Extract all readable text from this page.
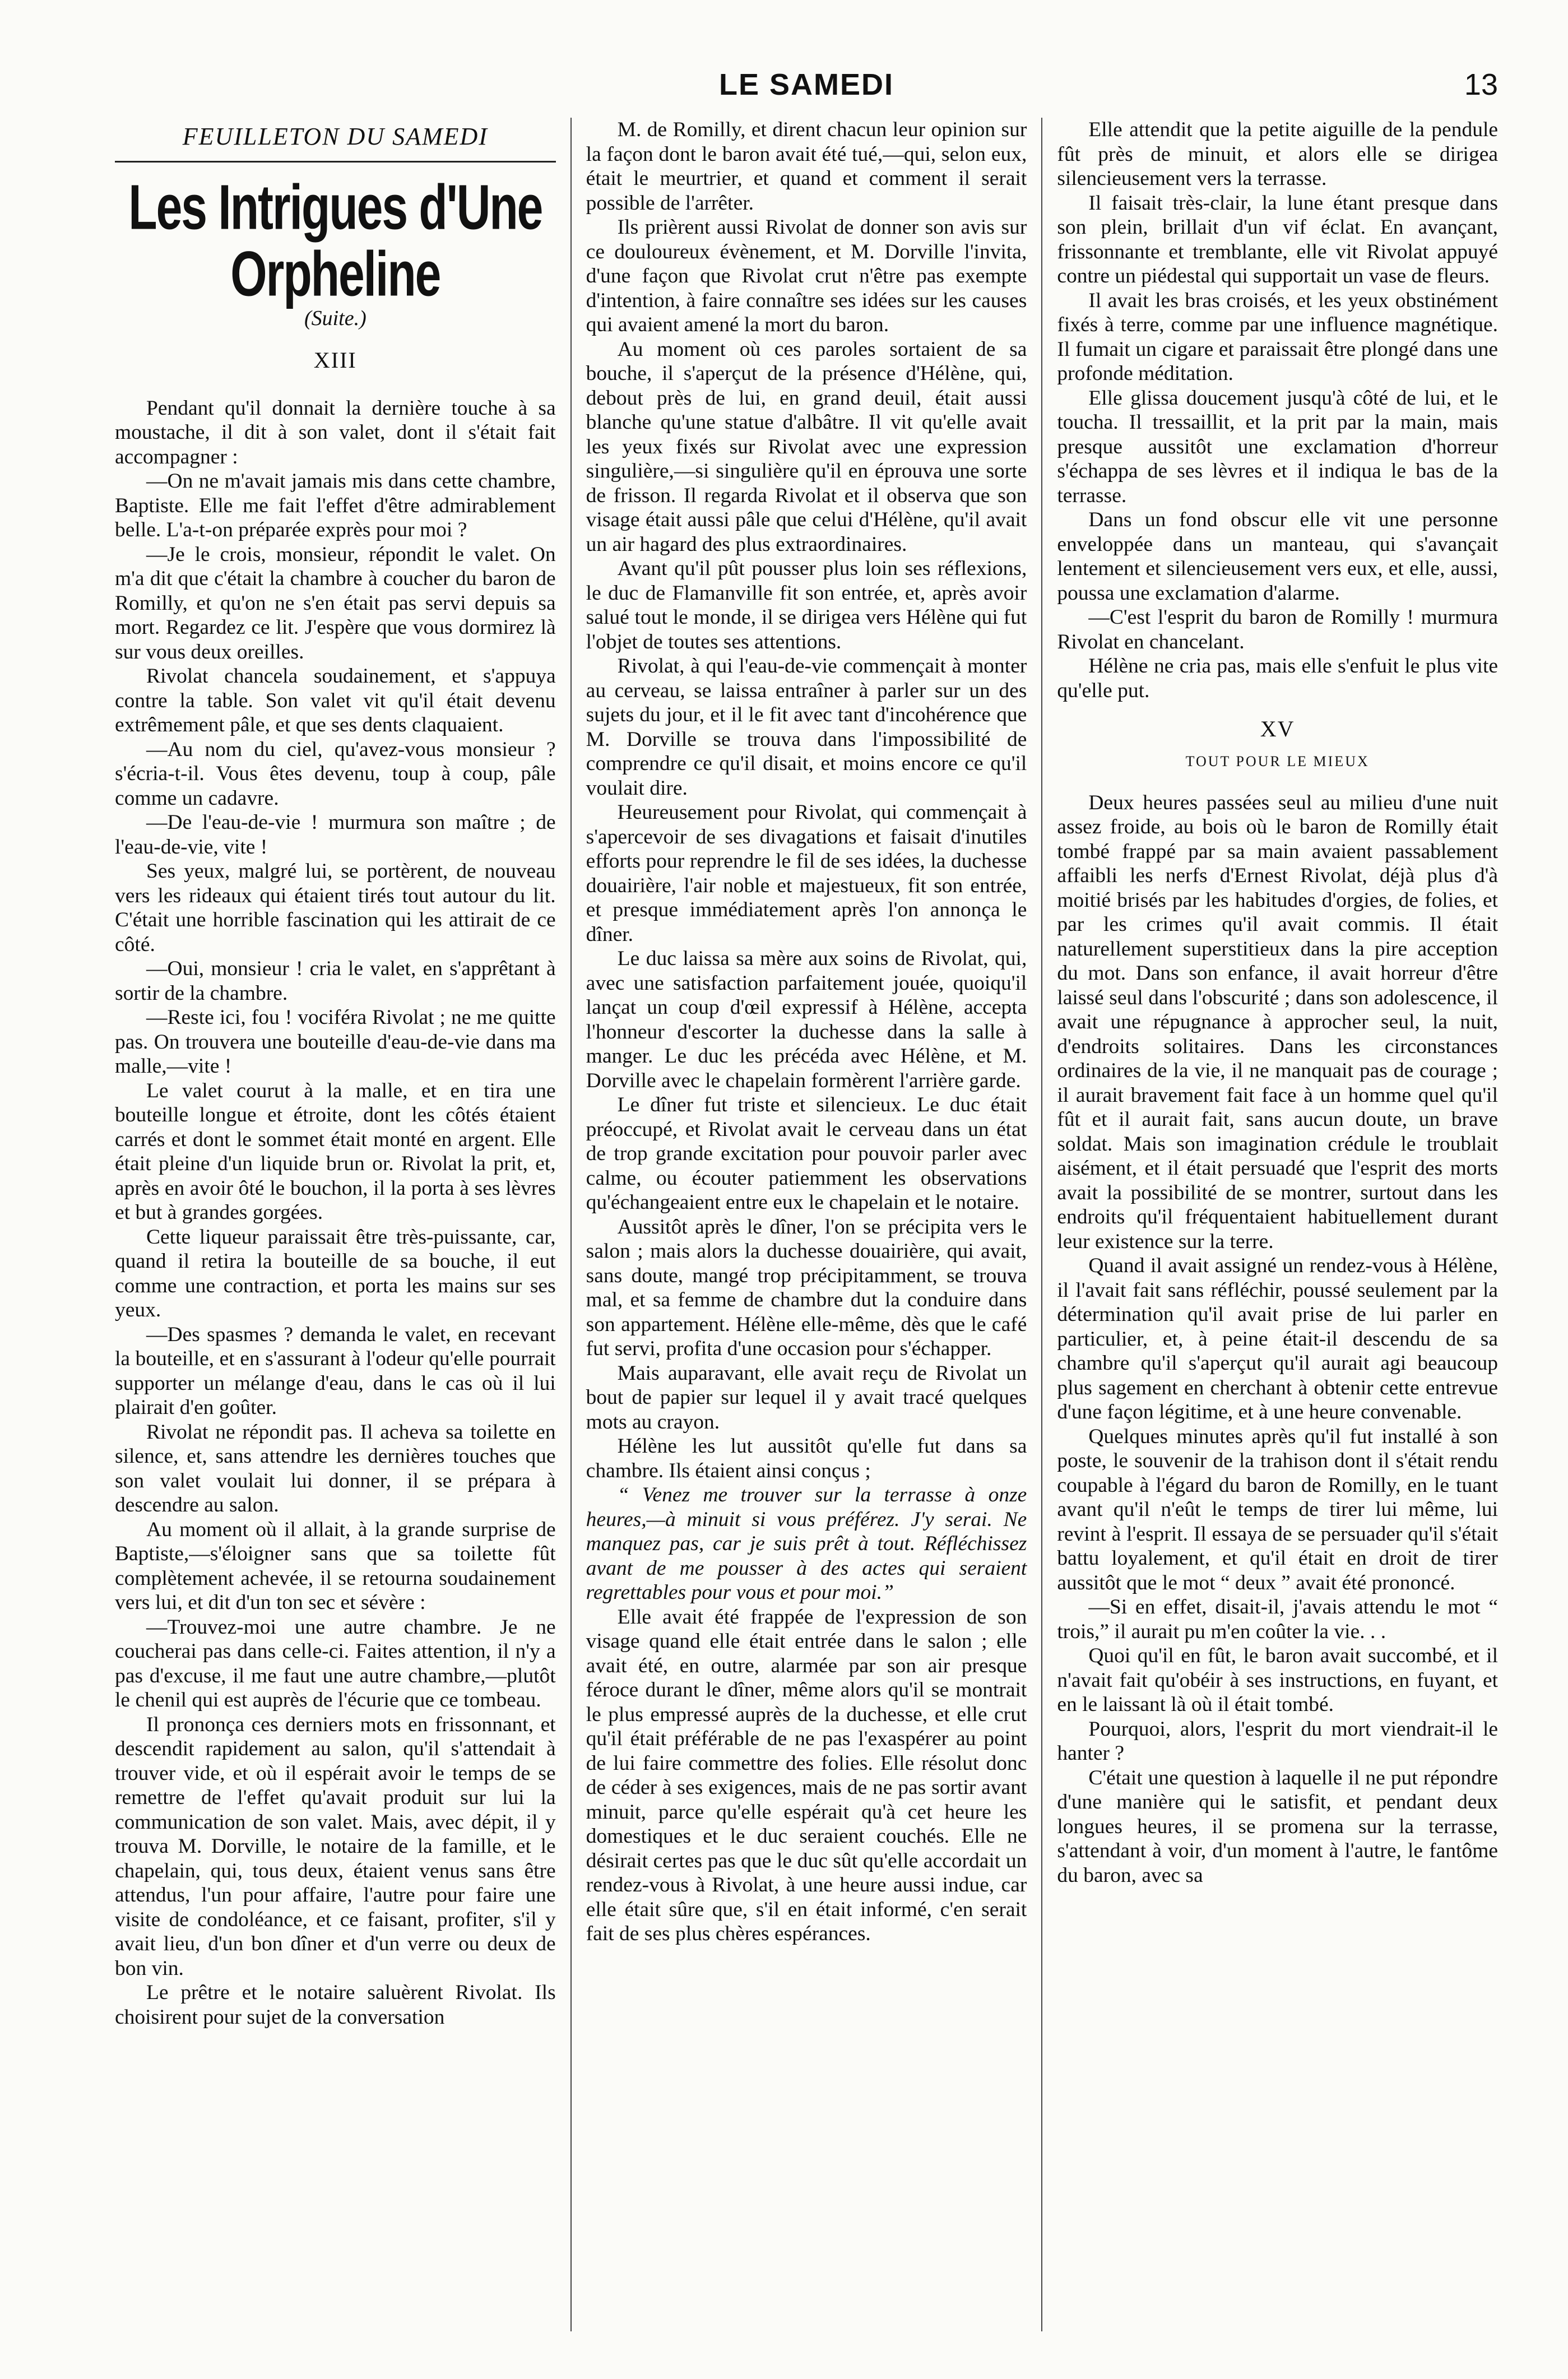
LE SAMEDI	13
FEUILLETON DU SAMEDI
Les Intrigues d'Une Orpheline
(Suite.)
XIII

Pendant qu'il donnait la dernière touche à sa moustache, il dit à son valet, dont il s'était fait accompagner :

—On ne m'avait jamais mis dans cette chambre, Baptiste. Elle me fait l'effet d'être admirablement belle. L'a-t-on préparée exprès pour moi ?

—Je le crois, monsieur, répondit le valet. On m'a dit que c'était la chambre à coucher du baron de Romilly, et qu'on ne s'en était pas servi depuis sa mort. Regardez ce lit. J'espère que vous dormirez là sur vous deux oreilles.

Rivolat chancela soudainement, et s'appuya contre la table. Son valet vit qu'il était devenu extrêmement pâle, et que ses dents claquaient.

—Au nom du ciel, qu'avez-vous monsieur ? s'écria-t-il. Vous êtes devenu, toup à coup, pâle comme un cadavre.

—De l'eau-de-vie ! murmura son maître ; de l'eau-de-vie, vite !

Ses yeux, malgré lui, se portèrent, de nouveau vers les rideaux qui étaient tirés tout autour du lit. C'était une horrible fascination qui les attirait de ce côté.

—Oui, monsieur ! cria le valet, en s'apprêtant à sortir de la chambre.

—Reste ici, fou ! vociféra Rivolat ; ne me quitte pas. On trouvera une bouteille d'eau-de-vie dans ma malle,—vite !

Le valet courut à la malle, et en tira une bouteille longue et étroite, dont les côtés étaient carrés et dont le sommet était monté en argent. Elle était pleine d'un liquide brun or. Rivolat la prit, et, après en avoir ôté le bouchon, il la porta à ses lèvres et but à grandes gorgées.

Cette liqueur paraissait être très-puissante, car, quand il retira la bouteille de sa bouche, il eut comme une contraction, et porta les mains sur ses yeux.

—Des spasmes ? demanda le valet, en recevant la bouteille, et en s'assurant à l'odeur qu'elle pourrait supporter un mélange d'eau, dans le cas où il lui plairait d'en goûter.

Rivolat ne répondit pas. Il acheva sa toilette en silence, et, sans attendre les dernières touches que son valet voulait lui donner, il se prépara à descendre au salon.

Au moment où il allait, à la grande surprise de Baptiste,—s'éloigner sans que sa toilette fût complètement achevée, il se retourna soudainement vers lui, et dit d'un ton sec et sévère :

—Trouvez-moi une autre chambre. Je ne coucherai pas dans celle-ci. Faites attention, il n'y a pas d'excuse, il me faut une autre chambre,—plutôt le chenil qui est auprès de l'écurie que ce tombeau.

Il prononça ces derniers mots en frissonnant, et descendit rapidement au salon, qu'il s'attendait à trouver vide, et où il espérait avoir le temps de se remettre de l'effet qu'avait produit sur lui la communication de son valet. Mais, avec dépit, il y trouva M. Dorville, le notaire de la famille, et le chapelain, qui, tous deux, étaient venus sans être attendus, l'un pour affaire, l'autre pour faire une visite de condoléance, et ce faisant, profiter, s'il y avait lieu, d'un bon dîner et d'un verre ou deux de bon vin.

Le prêtre et le notaire saluèrent Rivolat. Ils choisirent pour sujet de la conversation

M. de Romilly, et dirent chacun leur opinion sur la façon dont le baron avait été tué,—qui, selon eux, était le meurtrier, et quand et comment il serait possible de l'arrêter.

Ils prièrent aussi Rivolat de donner son avis sur ce douloureux évènement, et M. Dorville l'invita, d'une façon que Rivolat crut n'être pas exempte d'intention, à faire connaître ses idées sur les causes qui avaient amené la mort du baron.

Au moment où ces paroles sortaient de sa bouche, il s'aperçut de la présence d'Hélène, qui, debout près de lui, en grand deuil, était aussi blanche qu'une statue d'albâtre. Il vit qu'elle avait les yeux fixés sur Rivolat avec une expression singulière,—si singulière qu'il en éprouva une sorte de frisson. Il regarda Rivolat et il observa que son visage était aussi pâle que celui d'Hélène, qu'il avait un air hagard des plus extraordinaires.

Avant qu'il pût pousser plus loin ses réflexions, le duc de Flamanville fit son entrée, et, après avoir salué tout le monde, il se dirigea vers Hélène qui fut l'objet de toutes ses attentions.

Rivolat, à qui l'eau-de-vie commençait à monter au cerveau, se laissa entraîner à parler sur un des sujets du jour, et il le fit avec tant d'incohérence que M. Dorville se trouva dans l'impossibilité de comprendre ce qu'il disait, et moins encore ce qu'il voulait dire.

Heureusement pour Rivolat, qui commençait à s'apercevoir de ses divagations et faisait d'inutiles efforts pour reprendre le fil de ses idées, la duchesse douairière, l'air noble et majestueux, fit son entrée, et presque immédiatement après l'on annonça le dîner.

Le duc laissa sa mère aux soins de Rivolat, qui, avec une satisfaction parfaitement jouée, quoiqu'il lançat un coup d'œil expressif à Hélène, accepta l'honneur d'escorter la duchesse dans la salle à manger. Le duc les précéda avec Hélène, et M. Dorville avec le chapelain formèrent l'arrière garde.

Le dîner fut triste et silencieux. Le duc était préoccupé, et Rivolat avait le cerveau dans un état de trop grande excitation pour pouvoir parler avec calme, ou écouter patiemment les observations qu'échangeaient entre eux le chapelain et le notaire.

Aussitôt après le dîner, l'on se précipita vers le salon ; mais alors la duchesse douairière, qui avait, sans doute, mangé trop précipitamment, se trouva mal, et sa femme de chambre dut la conduire dans son appartement. Hélène elle-même, dès que le café fut servi, profita d'une occasion pour s'échapper.

Mais auparavant, elle avait reçu de Rivolat un bout de papier sur lequel il y avait tracé quelques mots au crayon.

Hélène les lut aussitôt qu'elle fut dans sa chambre. Ils étaient ainsi conçus ;

“ Venez me trouver sur la terrasse à onze heures,—à minuit si vous préférez. J'y serai. Ne manquez pas, car je suis prêt à tout. Réfléchissez avant de me pousser à des actes qui seraient regrettables pour vous et pour moi.”

Elle avait été frappée de l'expression de son visage quand elle était entrée dans le salon ; elle avait été, en outre, alarmée par son air presque féroce durant le dîner, même alors qu'il se montrait le plus empressé auprès de la duchesse, et elle crut qu'il était préférable de ne pas l'exaspérer au point de lui faire commettre des folies. Elle résolut donc de céder à ses exigences, mais de ne pas sortir avant minuit, parce qu'elle espérait qu'à cet heure les domestiques et le duc seraient couchés. Elle ne désirait certes pas que le duc sût qu'elle accordait un rendez-vous à Rivolat, à une heure aussi indue, car elle était sûre que, s'il en était informé, c'en serait fait de ses plus chères espérances.

Elle attendit que la petite aiguille de la pendule fût près de minuit, et alors elle se dirigea silencieusement vers la terrasse.

Il faisait très-clair, la lune étant presque dans son plein, brillait d'un vif éclat. En avançant, frissonnante et tremblante, elle vit Rivolat appuyé contre un piédestal qui supportait un vase de fleurs.

Il avait les bras croisés, et les yeux obstinément fixés à terre, comme par une influence magnétique. Il fumait un cigare et paraissait être plongé dans une profonde méditation.

Elle glissa doucement jusqu'à côté de lui, et le toucha. Il tressaillit, et la prit par la main, mais presque aussitôt une exclamation d'horreur s'échappa de ses lèvres et il indiqua le bas de la terrasse.

Dans un fond obscur elle vit une personne enveloppée dans un manteau, qui s'avançait lentement et silencieusement vers eux, et elle, aussi, poussa une exclamation d'alarme.

—C'est l'esprit du baron de Romilly ! murmura Rivolat en chancelant.

Hélène ne cria pas, mais elle s'enfuit le plus vite qu'elle put.

XV
TOUT POUR LE MIEUX

Deux heures passées seul au milieu d'une nuit assez froide, au bois où le baron de Romilly était tombé frappé par sa main avaient passablement affaibli les nerfs d'Ernest Rivolat, déjà plus d'à moitié brisés par les habitudes d'orgies, de folies, et par les crimes qu'il avait commis. Il était naturellement superstitieux dans la pire acception du mot. Dans son enfance, il avait horreur d'être laissé seul dans l'obscurité ; dans son adolescence, il avait une répugnance à approcher seul, la nuit, d'endroits solitaires. Dans les circonstances ordinaires de la vie, il ne manquait pas de courage ; il aurait bravement fait face à un homme quel qu'il fût et il aurait fait, sans aucun doute, un brave soldat. Mais son imagination crédule le troublait aisément, et il était persuadé que l'esprit des morts avait la possibilité de se montrer, surtout dans les endroits qu'il fréquentaient habituellement durant leur existence sur la terre.

Quand il avait assigné un rendez-vous à Hélène, il l'avait fait sans réfléchir, poussé seulement par la détermination qu'il avait prise de lui parler en particulier, et, à peine était-il descendu de sa chambre qu'il s'aperçut qu'il aurait agi beaucoup plus sagement en cherchant à obtenir cette entrevue d'une façon légitime, et à une heure convenable.

Quelques minutes après qu'il fut installé à son poste, le souvenir de la trahison dont il s'était rendu coupable à l'égard du baron de Romilly, en le tuant avant qu'il n'eût le temps de tirer lui même, lui revint à l'esprit. Il essaya de se persuader qu'il s'était battu loyalement, et qu'il était en droit de tirer aussitôt que le mot “ deux ” avait été prononcé.

—Si en effet, disait-il, j'avais attendu le mot “ trois,” il aurait pu m'en coûter la vie. . .

Quoi qu'il en fût, le baron avait succombé, et il n'avait fait qu'obéir à ses instructions, en fuyant, et en le laissant là où il était tombé.

Pourquoi, alors, l'esprit du mort viendrait-il le hanter ?

C'était une question à laquelle il ne put répondre d'une manière qui le satisfit, et pendant deux longues heures, il se promena sur la terrasse, s'attendant à voir, d'un moment à l'autre, le fantôme du baron, avec sa
